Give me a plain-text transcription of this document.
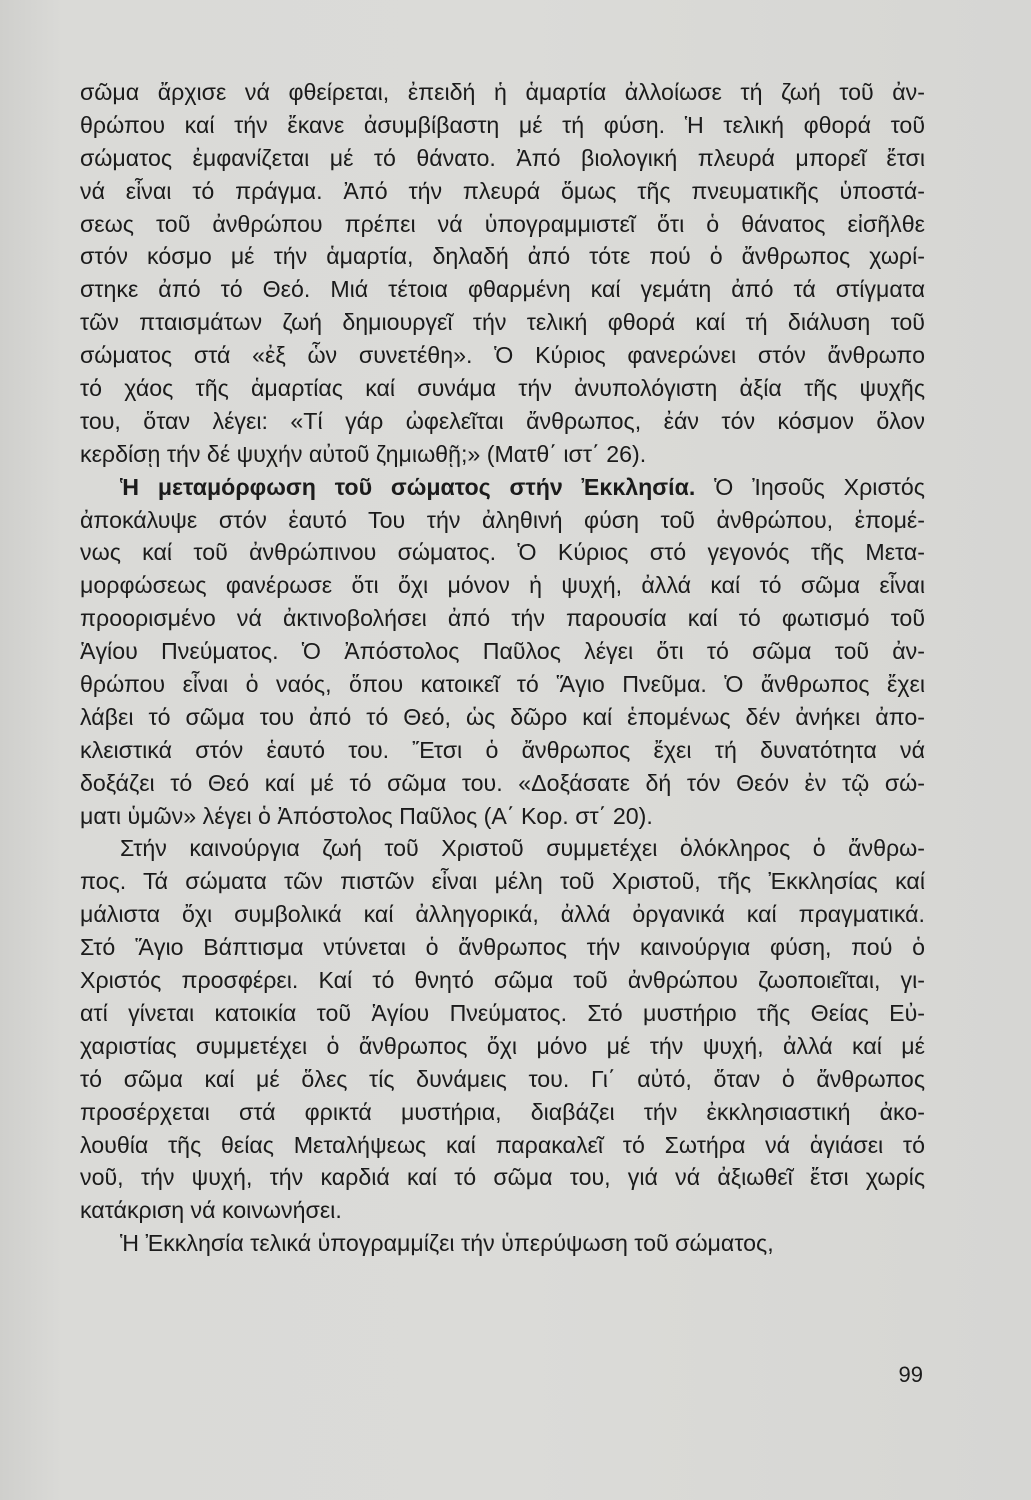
σῶμα ἄρχισε νά φθείρεται, ἐπειδή ἡ ἁμαρτία ἀλλοίωσε τή ζωή τοῦ ἀν-
θρώπου καί τήν ἔκανε ἀσυμβίβαστη μέ τή φύση. Ἡ τελική φθορά τοῦ
σώματος ἐμφανίζεται μέ τό θάνατο. Ἀπό βιολογική πλευρά μπορεῖ ἔτσι
νά εἶναι τό πράγμα. Ἀπό τήν πλευρά ὅμως τῆς πνευματικῆς ὑποστά-
σεως τοῦ ἀνθρώπου πρέπει νά ὑπογραμμιστεῖ ὅτι ὁ θάνατος εἰσῆλθε
στόν κόσμο μέ τήν ἁμαρτία, δηλαδή ἀπό τότε πού ὁ ἄνθρωπος χωρί-
στηκε ἀπό τό Θεό. Μιά τέτοια φθαρμένη καί γεμάτη ἀπό τά στίγματα
τῶν πταισμάτων ζωή δημιουργεῖ τήν τελική φθορά καί τή διάλυση τοῦ
σώματος στά «ἐξ ὧν συνετέθη». Ὁ Κύριος φανερώνει στόν ἄνθρωπο
τό χάος τῆς ἁμαρτίας καί συνάμα τήν ἀνυπολόγιστη ἀξία τῆς ψυχῆς
του, ὅταν λέγει: «Τί γάρ ὠφελεῖται ἄνθρωπος, ἐάν τόν κόσμον ὅλον
κερδίσῃ τήν δέ ψυχήν αὐτοῦ ζημιωθῇ;» (Ματθ΄ ιστ΄ 26).
Ἡ μεταμόρφωση τοῦ σώματος στήν Ἐκκλησία. Ὁ Ἰησοῦς Χριστός
ἀποκάλυψε στόν ἑαυτό Του τήν ἀληθινή φύση τοῦ ἀνθρώπου, ἑπομέ-
νως καί τοῦ ἀνθρώπινου σώματος. Ὁ Κύριος στό γεγονός τῆς Μετα-
μορφώσεως φανέρωσε ὅτι ὄχι μόνον ἡ ψυχή, ἀλλά καί τό σῶμα εἶναι
προορισμένο νά ἀκτινοβολήσει ἀπό τήν παρουσία καί τό φωτισμό τοῦ
Ἁγίου Πνεύματος. Ὁ Ἀπόστολος Παῦλος λέγει ὅτι τό σῶμα τοῦ ἀν-
θρώπου εἶναι ὁ ναός, ὅπου κατοικεῖ τό Ἅγιο Πνεῦμα. Ὁ ἄνθρωπος ἔχει
λάβει τό σῶμα του ἀπό τό Θεό, ὡς δῶρο καί ἑπομένως δέν ἀνήκει ἀπο-
κλειστικά στόν ἑαυτό του. Ἔτσι ὁ ἄνθρωπος ἔχει τή δυνατότητα νά
δοξάζει τό Θεό καί μέ τό σῶμα του. «Δοξάσατε δή τόν Θεόν ἐν τῷ σώ-
ματι ὑμῶν» λέγει ὁ Ἀπόστολος Παῦλος (Α΄ Κορ. στ΄ 20).
Στήν καινούργια ζωή τοῦ Χριστοῦ συμμετέχει ὁλόκληρος ὁ ἄνθρω-
πος. Τά σώματα τῶν πιστῶν εἶναι μέλη τοῦ Χριστοῦ, τῆς Ἐκκλησίας καί
μάλιστα ὄχι συμβολικά καί ἀλληγορικά, ἀλλά ὀργανικά καί πραγματικά.
Στό Ἅγιο Βάπτισμα ντύνεται ὁ ἄνθρωπος τήν καινούργια φύση, πού ὁ
Χριστός προσφέρει. Καί τό θνητό σῶμα τοῦ ἀνθρώπου ζωοποιεῖται, γι-
ατί γίνεται κατοικία τοῦ Ἁγίου Πνεύματος. Στό μυστήριο τῆς Θείας Εὐ-
χαριστίας συμμετέχει ὁ ἄνθρωπος ὄχι μόνο μέ τήν ψυχή, ἀλλά καί μέ
τό σῶμα καί μέ ὅλες τίς δυνάμεις του. Γι΄ αὐτό, ὅταν ὁ ἄνθρωπος
προσέρχεται στά φρικτά μυστήρια, διαβάζει τήν ἐκκλησιαστική ἀκο-
λουθία τῆς θείας Μεταλήψεως καί παρακαλεῖ τό Σωτήρα νά ἁγιάσει τό
νοῦ, τήν ψυχή, τήν καρδιά καί τό σῶμα του, γιά νά ἀξιωθεῖ ἔτσι χωρίς
κατάκριση νά κοινωνήσει.
Ἡ Ἐκκλησία τελικά ὑπογραμμίζει τήν ὑπερύψωση τοῦ σώματος,
99
